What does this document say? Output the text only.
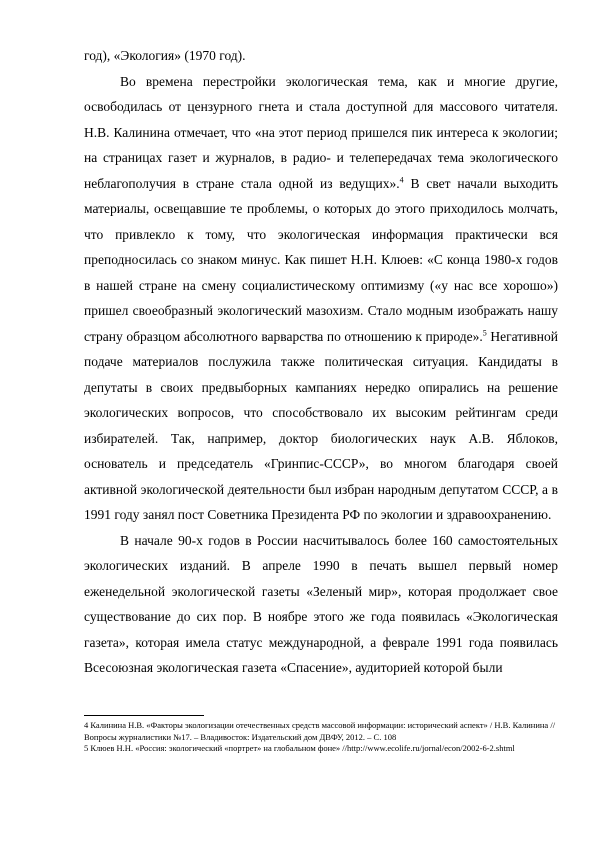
год), «Экология» (1970 год).

Во времена перестройки экологическая тема, как и многие другие, освободилась от цензурного гнета и стала доступной для массового читателя. Н.В. Калинина отмечает, что «на этот период пришелся пик интереса к экологии; на страницах газет и журналов, в радио- и телепередачах тема экологического неблагополучия в стране стала одной из ведущих».$^4$ В свет начали выходить материалы, освещавшие те проблемы, о которых до этого приходилось молчать, что привлекло к тому, что экологическая информация практически вся преподносилась со знаком минус. Как пишет Н.Н. Клюев: «С конца 1980-х годов в нашей стране на смену социалистическому оптимизму («у нас все хорошо») пришел своеобразный экологический мазохизм. Стало модным изображать нашу страну образцом абсолютного варварства по отношению к природе».$^5$ Негативной подаче материалов послужила также политическая ситуация. Кандидаты в депутаты в своих предвыборных кампаниях нередко опирались на решение экологических вопросов, что способствовало их высоким рейтингам среди избирателей. Так, например, доктор биологических наук А.В. Яблоков, основатель и председатель «Гринпис-СССР», во многом благодаря своей активной экологической деятельности был избран народным депутатом СССР, а в 1991 году занял пост Советника Президента РФ по экологии и здравоохранению.

В начале 90-х годов в России насчитывалось более 160 самостоятельных экологических изданий. В апреле 1990 в печать вышел первый номер еженедельной экологической газеты «Зеленый мир», которая продолжает свое существование до сих пор. В ноябре этого же года появилась «Экологическая газета», которая имела статус международной, а феврале 1991 года появилась Всесоюзная экологическая газета «Спасение», аудиторией которой были

4 Калинина Н.В. «Факторы экологизации отечественных средств массовой информации: исторический аспект» / Н.В. Калинина // Вопросы журналистики №17. – Владивосток: Издательский дом ДВФУ, 2012. – С. 108

5 Клюев Н.Н. «Россия: экологический «портрет» на глобальном фоне» //http://www.ecolife.ru/jornal/econ/2002-6-2.shtml
